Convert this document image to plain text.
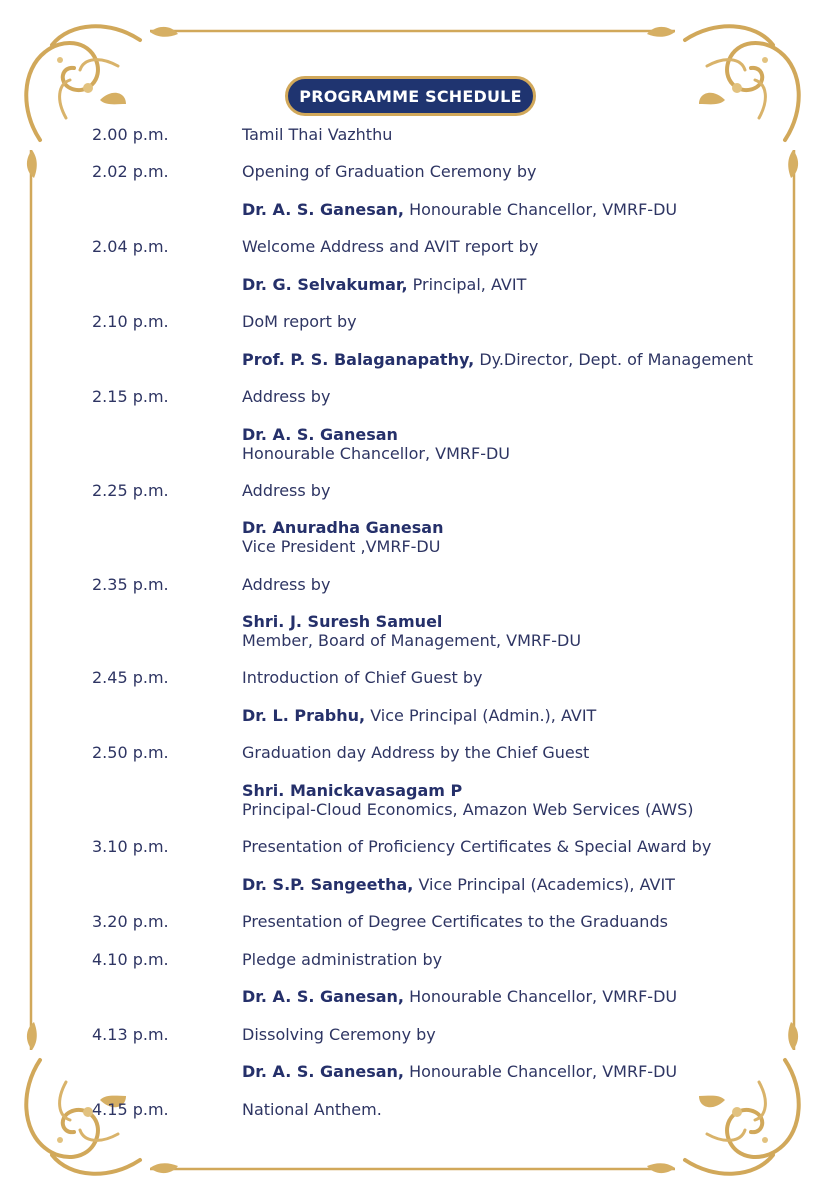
PROGRAMME SCHEDULE
2.00 p.m.	Tamil Thai Vazhthu
2.02 p.m.	Opening of Graduation Ceremony by
Dr. A. S. Ganesan, Honourable Chancellor, VMRF-DU
2.04 p.m.	Welcome Address and AVIT report by
Dr. G. Selvakumar, Principal, AVIT
2.10 p.m.	DoM report by
Prof. P. S. Balaganapathy, Dy.Director, Dept. of Management
2.15 p.m.	Address by
Dr. A. S. Ganesan
Honourable Chancellor, VMRF-DU
2.25 p.m.	Address by
Dr. Anuradha Ganesan
Vice President ,VMRF-DU
2.35 p.m.	Address by
Shri. J. Suresh Samuel
Member, Board of Management, VMRF-DU
2.45 p.m.	Introduction of Chief Guest by
Dr. L. Prabhu, Vice Principal (Admin.), AVIT
2.50 p.m.	Graduation day Address by the Chief Guest
Shri. Manickavasagam P
Principal-Cloud Economics, Amazon Web Services (AWS)
3.10 p.m.	Presentation of Proficiency Certificates & Special Award by
Dr. S.P. Sangeetha, Vice Principal (Academics), AVIT
3.20 p.m.	Presentation of Degree Certificates to the Graduands
4.10 p.m.	Pledge administration by
Dr. A. S. Ganesan, Honourable Chancellor, VMRF-DU
4.13 p.m.	Dissolving Ceremony by
Dr. A. S. Ganesan, Honourable Chancellor, VMRF-DU
4.15 p.m.	National Anthem.
